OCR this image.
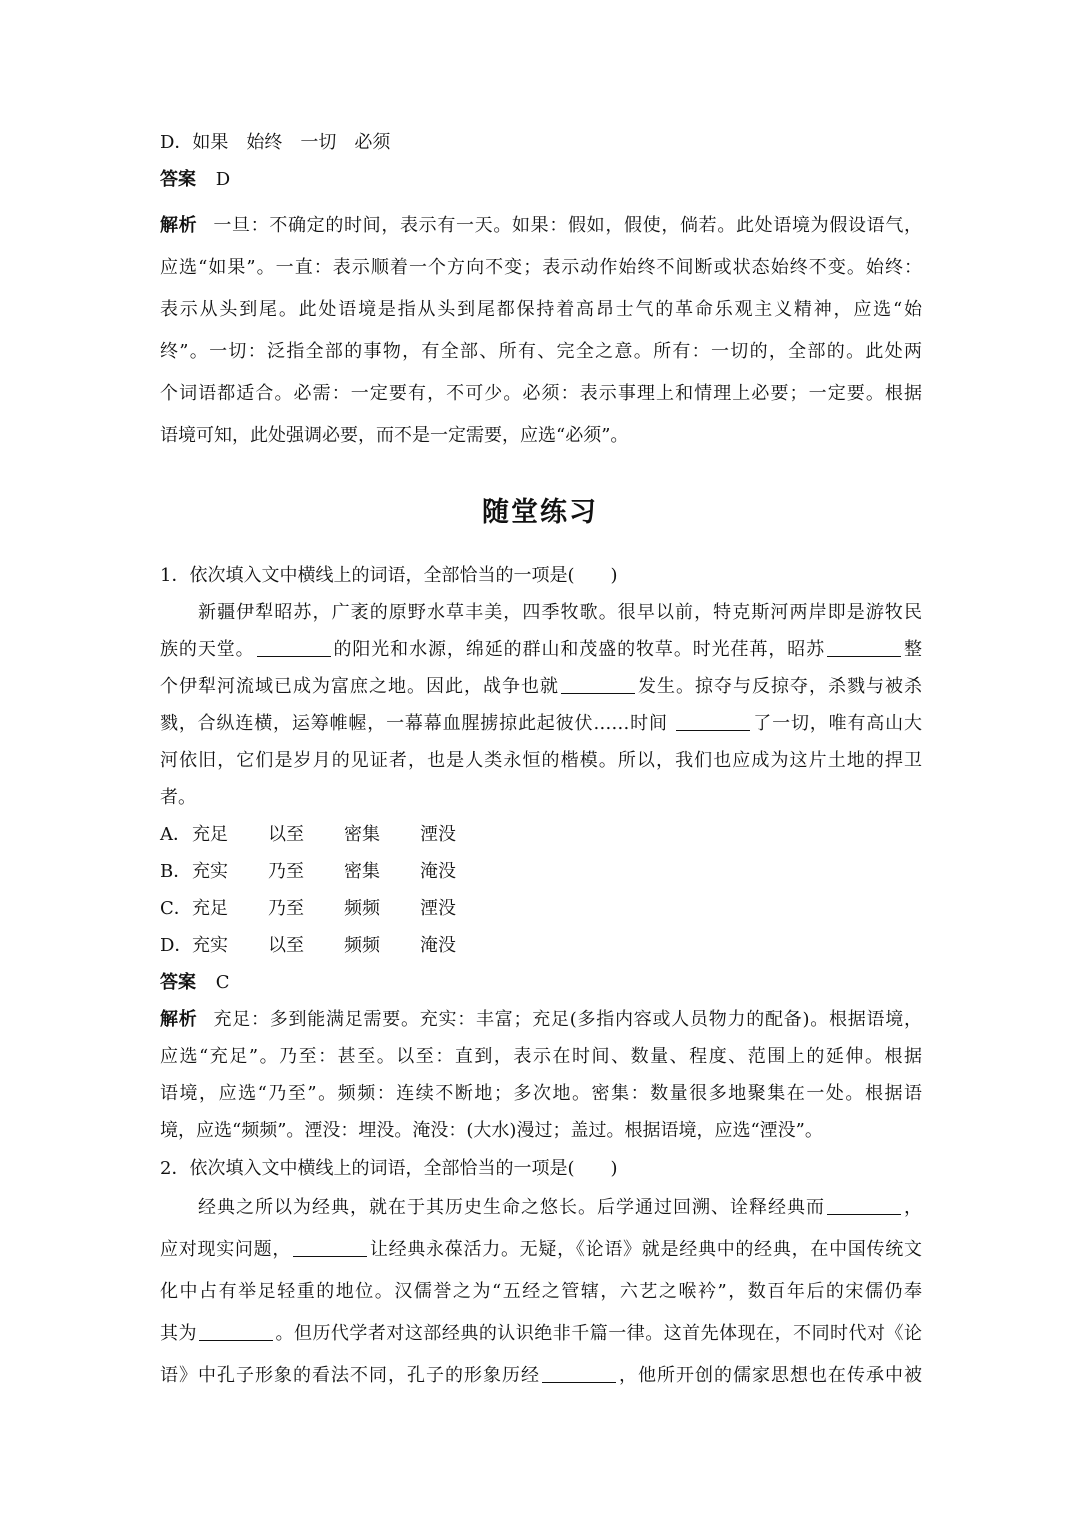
D．如果　始终　一切　必须
答案 D
解析 一旦：不确定的时间，表示有一天。如果：假如，假使，倘若。此处语境为假设语气，
应选“如果”。一直：表示顺着一个方向不变；表示动作始终不间断或状态始终不变。始终：
表示从头到尾。此处语境是指从头到尾都保持着高昂士气的革命乐观主义精神，应选“始
终”。一切：泛指全部的事物，有全部、所有、完全之意。所有：一切的，全部的。此处两
个词语都适合。必需：一定要有，不可少。必须：表示事理上和情理上必要；一定要。根据
语境可知，此处强调必要，而不是一定需要，应选“必须”。
随堂练习
1．依次填入文中横线上的词语，全部恰当的一项是(　　)
新疆伊犁昭苏，广袤的原野水草丰美，四季牧歌。很早以前，特克斯河两岸即是游牧民
族的天堂。	的阳光和水源，绵延的群山和茂盛的牧草。时光荏苒，昭苏	整
个伊犁河流域已成为富庶之地。因此，战争也就	发生。掠夺与反掠夺，杀戮与被杀
戮，合纵连横，运筹帷幄，一幕幕血腥掳掠此起彼伏……时间	了一切，唯有高山大
河依旧，它们是岁月的见证者，也是人类永恒的楷模。所以，我们也应成为这片土地的捍卫
者。
A． 充足	以至	密集	湮没
B． 充实	乃至	密集	淹没
C． 充足	乃至	频频	湮没
D． 充实	以至	频频	淹没
答案 C
解析 充足：多到能满足需要。充实：丰富；充足(多指内容或人员物力的配备)。根据语境，
应选“充足”。乃至：甚至。以至：直到，表示在时间、数量、程度、范围上的延伸。根据
语境，应选“乃至”。频频：连续不断地；多次地。密集：数量很多地聚集在一处。根据语
境，应选“频频”。湮没：埋没。淹没：(大水)漫过；盖过。根据语境，应选“湮没”。
2．依次填入文中横线上的词语，全部恰当的一项是(　　)
经典之所以为经典，就在于其历史生命之悠长。后学通过回溯、诠释经典而	，
应对现实问题，	让经典永葆活力。无疑，《论语》就是经典中的经典，在中国传统文
化中占有举足轻重的地位。汉儒誉之为“五经之管辖，六艺之喉衿”，数百年后的宋儒仍奉
其为	。但历代学者对这部经典的认识绝非千篇一律。这首先体现在，不同时代对《论
语》中孔子形象的看法不同，孔子的形象历经	，他所开创的儒家思想也在传承中被
